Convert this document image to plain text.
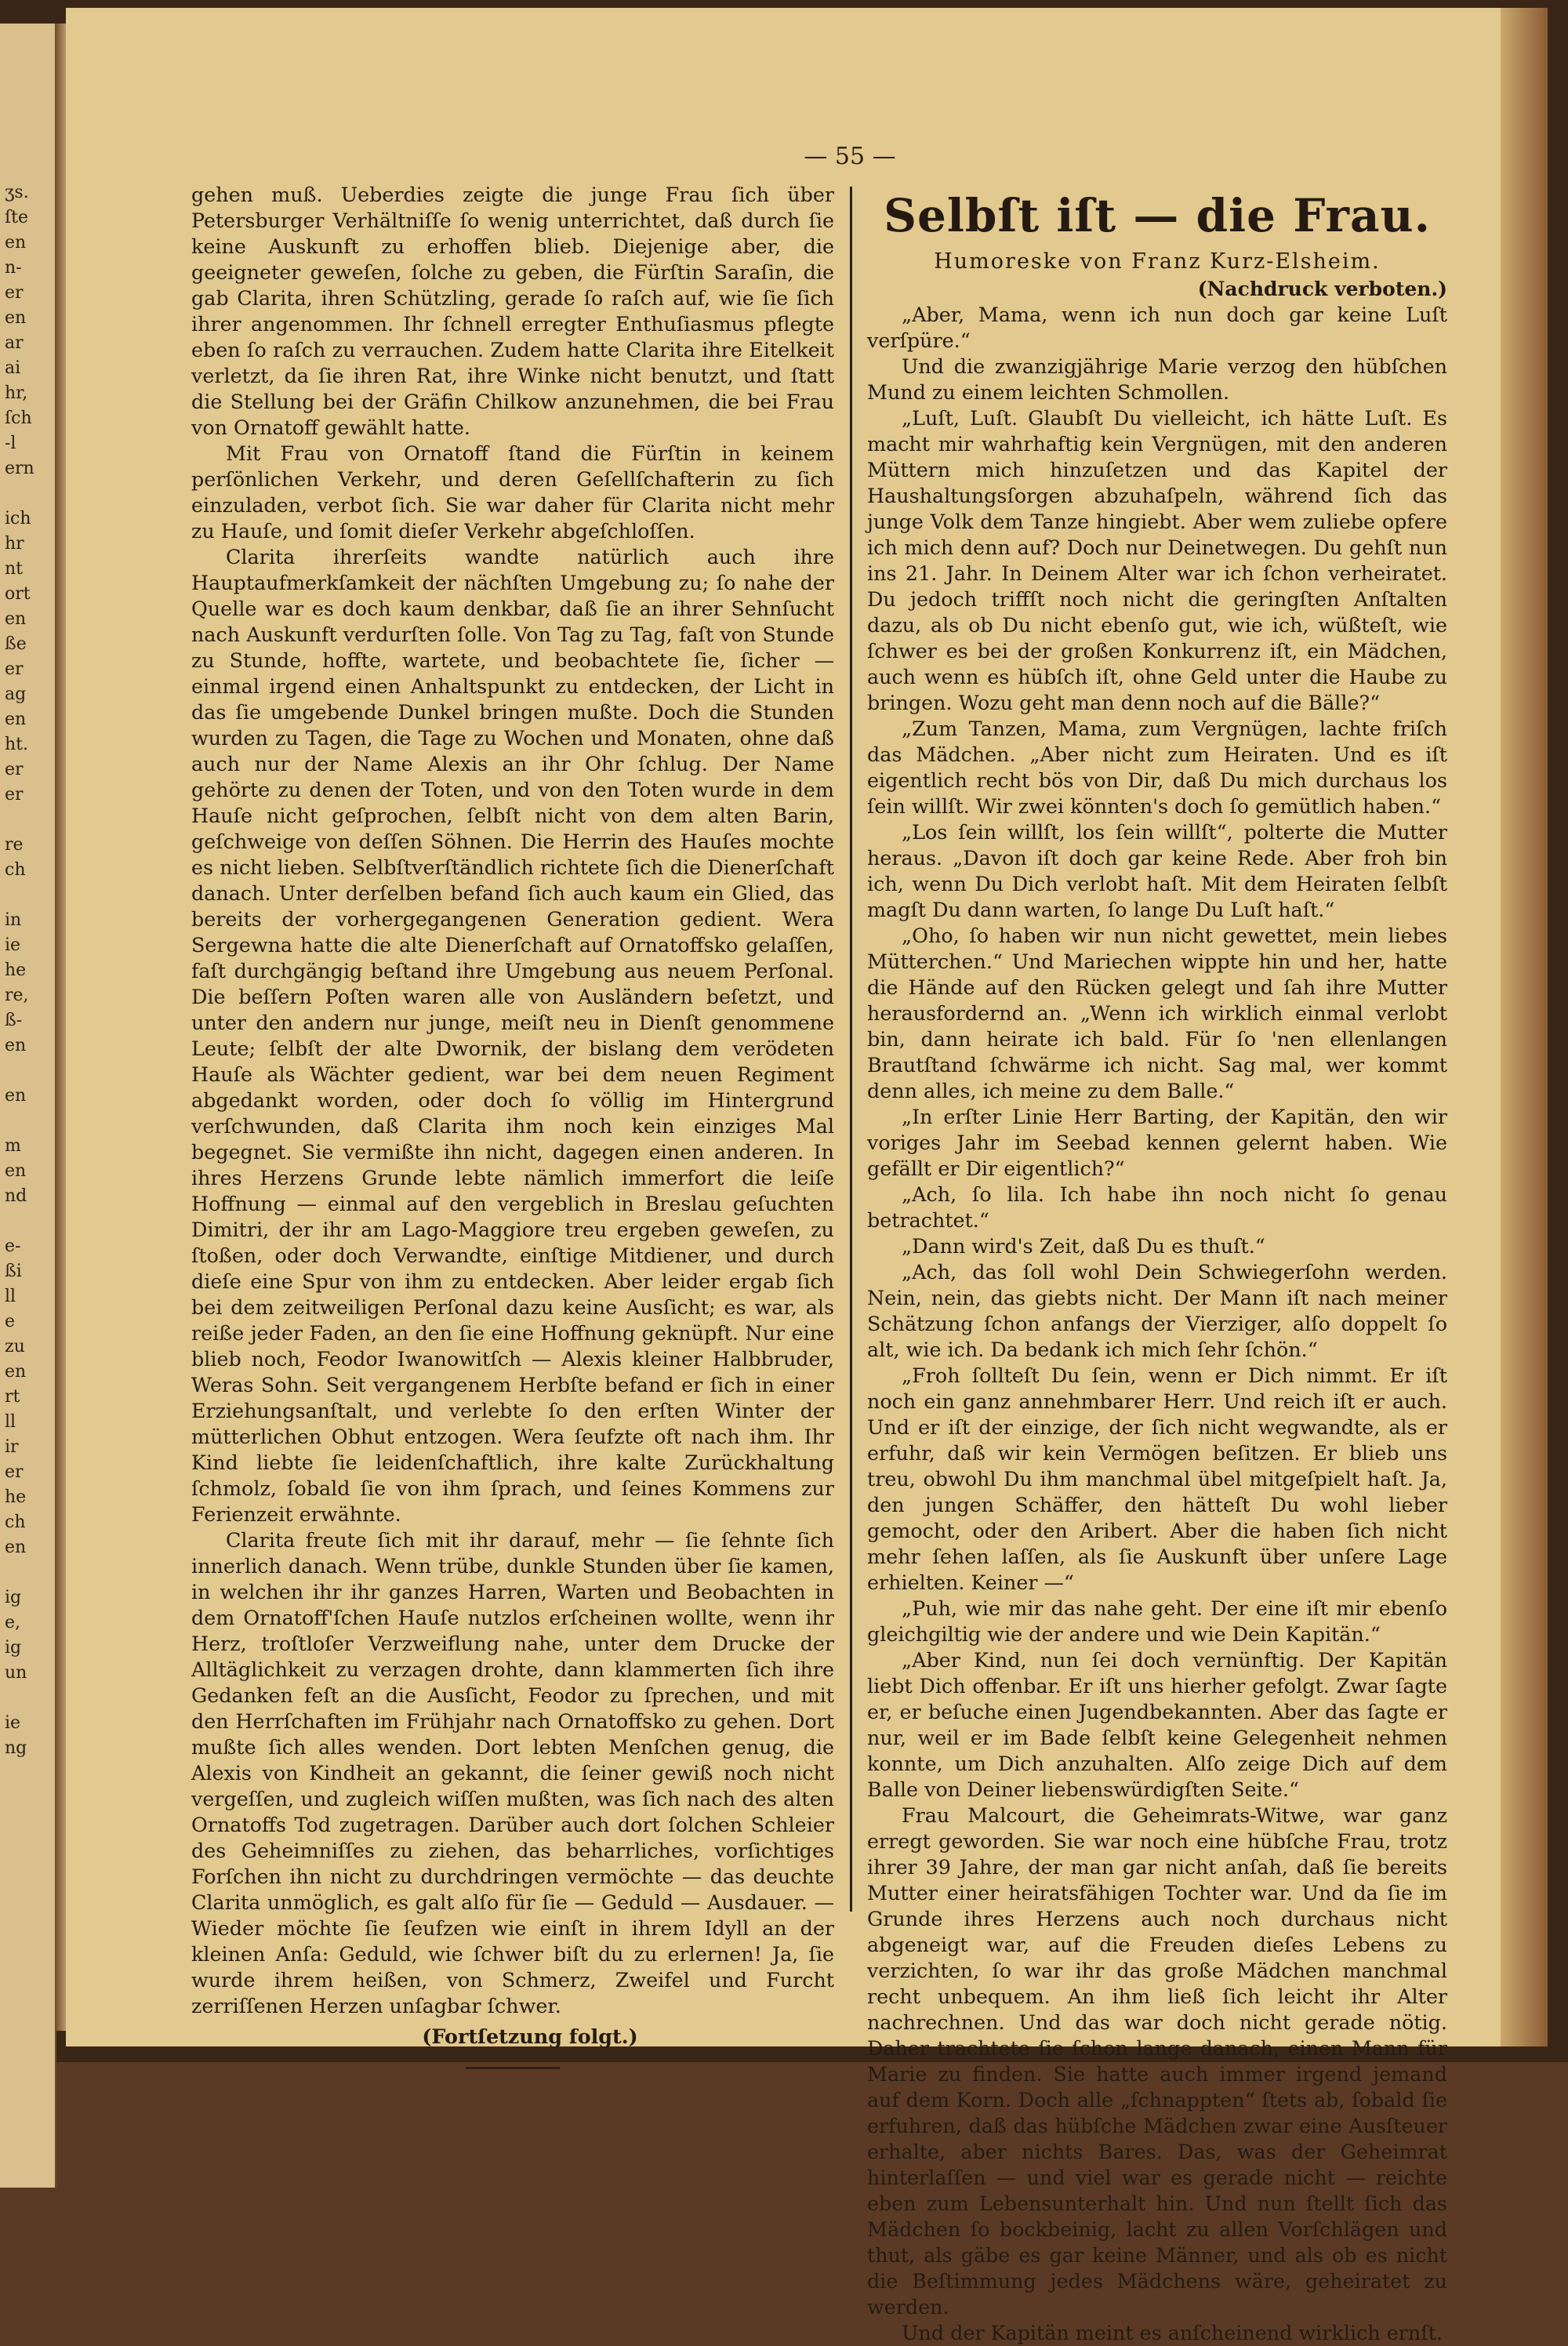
ʒs.
ſte
en
n-
er
en
ar
ai
hr,
ſch
-l
ern

ich
hr
nt
ort
en
ße
er
ag
en
ht.
er
er

re
ch

in
ie
he
re,
ß-
en

en

m
en
nd

e-
ßi
ll
e
zu
en
rt
ll
ir
er
he
ch
en

ig
e,
ig
un

ie
ng
— 55 —

gehen muß. Ueberdies zeigte die junge Frau ſich über Petersburger Verhältniſſe ſo wenig unterrichtet, daß durch ſie keine Auskunft zu erhoffen blieb. Diejenige aber, die geeigneter geweſen, ſolche zu geben, die Fürſtin Saraſin, die gab Clarita, ihren Schützling, gerade ſo raſch auf, wie ſie ſich ihrer angenommen. Ihr ſchnell erregter Enthuſiasmus pflegte eben ſo raſch zu verrauchen. Zudem hatte Clarita ihre Eitelkeit verletzt, da ſie ihren Rat, ihre Winke nicht benutzt, und ſtatt die Stellung bei der Gräfin Chilkow anzunehmen, die bei Frau von Ornatoff gewählt hatte.

Mit Frau von Ornatoff ſtand die Fürſtin in keinem perſönlichen Verkehr, und deren Geſellſchafterin zu ſich einzuladen, verbot ſich. Sie war daher für Clarita nicht mehr zu Hauſe, und ſomit dieſer Verkehr abgeſchloſſen.

Clarita ihrerſeits wandte natürlich auch ihre Hauptaufmerkſamkeit der nächſten Umgebung zu; ſo nahe der Quelle war es doch kaum denkbar, daß ſie an ihrer Sehnſucht nach Auskunft verdurſten ſolle. Von Tag zu Tag, faſt von Stunde zu Stunde, hoffte, wartete, und beobachtete ſie, ſicher — einmal irgend einen Anhaltspunkt zu entdecken, der Licht in das ſie umgebende Dunkel bringen mußte. Doch die Stunden wurden zu Tagen, die Tage zu Wochen und Monaten, ohne daß auch nur der Name Alexis an ihr Ohr ſchlug. Der Name gehörte zu denen der Toten, und von den Toten wurde in dem Hauſe nicht geſprochen, ſelbſt nicht von dem alten Barin, geſchweige von deſſen Söhnen. Die Herrin des Hauſes mochte es nicht lieben. Selbſtverſtändlich richtete ſich die Dienerſchaft danach. Unter derſelben befand ſich auch kaum ein Glied, das bereits der vorhergegangenen Generation gedient. Wera Sergewna hatte die alte Dienerſchaft auf Ornatoffsko gelaſſen, faſt durchgängig beſtand ihre Umgebung aus neuem Perſonal. Die beſſern Poſten waren alle von Ausländern beſetzt, und unter den andern nur junge, meiſt neu in Dienſt genommene Leute; ſelbſt der alte Dwornik, der bislang dem verödeten Hauſe als Wächter gedient, war bei dem neuen Regiment abgedankt worden, oder doch ſo völlig im Hintergrund verſchwunden, daß Clarita ihm noch kein einziges Mal begegnet. Sie vermißte ihn nicht, dagegen einen anderen. In ihres Herzens Grunde lebte nämlich immerfort die leiſe Hoffnung — einmal auf den vergeblich in Breslau geſuchten Dimitri, der ihr am Lago-Maggiore treu ergeben geweſen, zu ſtoßen, oder doch Verwandte, einſtige Mitdiener, und durch dieſe eine Spur von ihm zu entdecken. Aber leider ergab ſich bei dem zeitweiligen Perſonal dazu keine Ausſicht; es war, als reiße jeder Faden, an den ſie eine Hoffnung geknüpft. Nur eine blieb noch, Feodor Iwanowitſch — Alexis kleiner Halbbruder, Weras Sohn. Seit vergangenem Herbſte befand er ſich in einer Erziehungsanſtalt, und verlebte ſo den erſten Winter der mütterlichen Obhut entzogen. Wera ſeufzte oft nach ihm. Ihr Kind liebte ſie leidenſchaftlich, ihre kalte Zurückhaltung ſchmolz, ſobald ſie von ihm ſprach, und ſeines Kommens zur Ferienzeit erwähnte.

Clarita freute ſich mit ihr darauf, mehr — ſie ſehnte ſich innerlich danach. Wenn trübe, dunkle Stunden über ſie kamen, in welchen ihr ihr ganzes Harren, Warten und Beobachten in dem Ornatoff'ſchen Hauſe nutzlos erſcheinen wollte, wenn ihr Herz, troſtloſer Verzweiflung nahe, unter dem Drucke der Alltäglichkeit zu verzagen drohte, dann klammerten ſich ihre Gedanken feſt an die Ausſicht, Feodor zu ſprechen, und mit den Herrſchaften im Frühjahr nach Ornatoffsko zu gehen. Dort mußte ſich alles wenden. Dort lebten Menſchen genug, die Alexis von Kindheit an gekannt, die ſeiner gewiß noch nicht vergeſſen, und zugleich wiſſen mußten, was ſich nach des alten Ornatoffs Tod zugetragen. Darüber auch dort ſolchen Schleier des Geheimniſſes zu ziehen, das beharrliches, vorſichtiges Forſchen ihn nicht zu durchdringen vermöchte — das deuchte Clarita unmöglich, es galt alſo für ſie — Geduld — Ausdauer. — Wieder möchte ſie ſeufzen wie einſt in ihrem Idyll an der kleinen Anſa: Geduld, wie ſchwer biſt du zu erlernen! Ja, ſie wurde ihrem heißen, von Schmerz, Zweifel und Furcht zerriſſenen Herzen unſagbar ſchwer.

(Fortſetzung folgt.)

Selbſt iſt — die Frau.
Humoreske von Franz Kurz-Elsheim.
(Nachdruck verboten.)

„Aber, Mama, wenn ich nun doch gar keine Luſt verſpüre.“

Und die zwanzigjährige Marie verzog den hübſchen Mund zu einem leichten Schmollen.

„Luſt, Luſt. Glaubſt Du vielleicht, ich hätte Luſt. Es macht mir wahrhaftig kein Vergnügen, mit den anderen Müttern mich hinzuſetzen und das Kapitel der Haushaltungsſorgen abzuhaſpeln, während ſich das junge Volk dem Tanze hingiebt. Aber wem zuliebe opfere ich mich denn auf? Doch nur Deinetwegen. Du gehſt nun ins 21. Jahr. In Deinem Alter war ich ſchon verheiratet. Du jedoch triffſt noch nicht die geringſten Anſtalten dazu, als ob Du nicht ebenſo gut, wie ich, wüßteſt, wie ſchwer es bei der großen Konkurrenz iſt, ein Mädchen, auch wenn es hübſch iſt, ohne Geld unter die Haube zu bringen. Wozu geht man denn noch auf die Bälle?“

„Zum Tanzen, Mama, zum Vergnügen, lachte friſch das Mädchen. „Aber nicht zum Heiraten. Und es iſt eigentlich recht bös von Dir, daß Du mich durchaus los ſein willſt. Wir zwei könnten's doch ſo gemütlich haben.“

„Los ſein willſt, los ſein willſt“, polterte die Mutter heraus. „Davon iſt doch gar keine Rede. Aber froh bin ich, wenn Du Dich verlobt haſt. Mit dem Heiraten ſelbſt magſt Du dann warten, ſo lange Du Luſt haſt.“

„Oho, ſo haben wir nun nicht gewettet, mein liebes Mütterchen.“ Und Mariechen wippte hin und her, hatte die Hände auf den Rücken gelegt und ſah ihre Mutter herausfordernd an. „Wenn ich wirklich einmal verlobt bin, dann heirate ich bald. Für ſo 'nen ellenlangen Brautſtand ſchwärme ich nicht. Sag mal, wer kommt denn alles, ich meine zu dem Balle.“

„In erſter Linie Herr Barting, der Kapitän, den wir voriges Jahr im Seebad kennen gelernt haben. Wie gefällt er Dir eigentlich?“

„Ach, ſo lila. Ich habe ihn noch nicht ſo genau betrachtet.“

„Dann wird's Zeit, daß Du es thuſt.“

„Ach, das ſoll wohl Dein Schwiegerſohn werden. Nein, nein, das giebts nicht. Der Mann iſt nach meiner Schätzung ſchon anfangs der Vierziger, alſo doppelt ſo alt, wie ich. Da bedank ich mich ſehr ſchön.“

„Froh ſollteſt Du ſein, wenn er Dich nimmt. Er iſt noch ein ganz annehmbarer Herr. Und reich iſt er auch. Und er iſt der einzige, der ſich nicht wegwandte, als er erfuhr, daß wir kein Vermögen beſitzen. Er blieb uns treu, obwohl Du ihm manchmal übel mitgeſpielt haſt. Ja, den jungen Schäffer, den hätteſt Du wohl lieber gemocht, oder den Aribert. Aber die haben ſich nicht mehr ſehen laſſen, als ſie Auskunft über unſere Lage erhielten. Keiner —“

„Puh, wie mir das nahe geht. Der eine iſt mir ebenſo gleichgiltig wie der andere und wie Dein Kapitän.“

„Aber Kind, nun ſei doch vernünftig. Der Kapitän liebt Dich offenbar. Er iſt uns hierher gefolgt. Zwar ſagte er, er beſuche einen Jugendbekannten. Aber das ſagte er nur, weil er im Bade ſelbſt keine Gelegenheit nehmen konnte, um Dich anzuhalten. Alſo zeige Dich auf dem Balle von Deiner liebenswürdigſten Seite.“

Frau Malcourt, die Geheimrats-Witwe, war ganz erregt geworden. Sie war noch eine hübſche Frau, trotz ihrer 39 Jahre, der man gar nicht anſah, daß ſie bereits Mutter einer heiratsfähigen Tochter war. Und da ſie im Grunde ihres Herzens auch noch durchaus nicht abgeneigt war, auf die Freuden dieſes Lebens zu verzichten, ſo war ihr das große Mädchen manchmal recht unbequem. An ihm ließ ſich leicht ihr Alter nachrechnen. Und das war doch nicht gerade nötig. Daher trachtete ſie ſchon lange danach, einen Mann für Marie zu finden. Sie hatte auch immer irgend jemand auf dem Korn. Doch alle „ſchnappten“ ſtets ab, ſobald ſie erfuhren, daß das hübſche Mädchen zwar eine Ausſteuer erhalte, aber nichts Bares. Das, was der Geheimrat hinterlaſſen — und viel war es gerade nicht — reichte eben zum Lebensunterhalt hin. Und nun ſtellt ſich das Mädchen ſo bockbeinig, lacht zu allen Vorſchlägen und thut, als gäbe es gar keine Männer, und als ob es nicht die Beſtimmung jedes Mädchens wäre, geheiratet zu werden.

Und der Kapitän meint es anſcheinend wirklich ernſt.
